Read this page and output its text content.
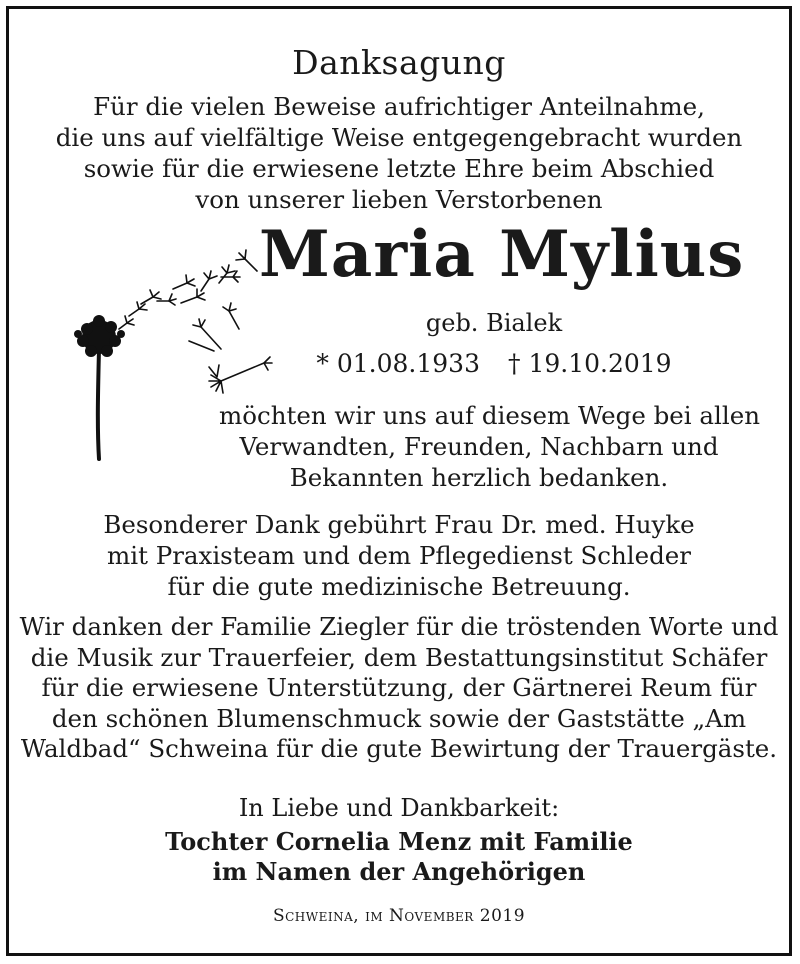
Danksagung
Für die vielen Beweise aufrichtiger Anteilnahme,
die uns auf vielfältige Weise entgegengebracht wurden
sowie für die erwiesene letzte Ehre beim Abschied
von unserer lieben Verstorbenen
Maria Mylius
geb. Bialek
* 01.08.1933 † 19.10.2019
möchten wir uns auf diesem Wege bei allen
Verwandten, Freunden, Nachbarn und
Bekannten herzlich bedanken.
Besonderer Dank gebührt Frau Dr. med. Huyke
mit Praxisteam und dem Pflegedienst Schleder
für die gute medizinische Betreuung.
Wir danken der Familie Ziegler für die tröstenden Worte und
die Musik zur Trauerfeier, dem Bestattungsinstitut Schäfer
für die erwiesene Unterstützung, der Gärtnerei Reum für
den schönen Blumenschmuck sowie der Gaststätte „Am
Waldbad“ Schweina für die gute Bewirtung der Trauergäste.
In Liebe und Dankbarkeit:
Tochter Cornelia Menz mit Familie
im Namen der Angehörigen
Schweina, im November 2019
